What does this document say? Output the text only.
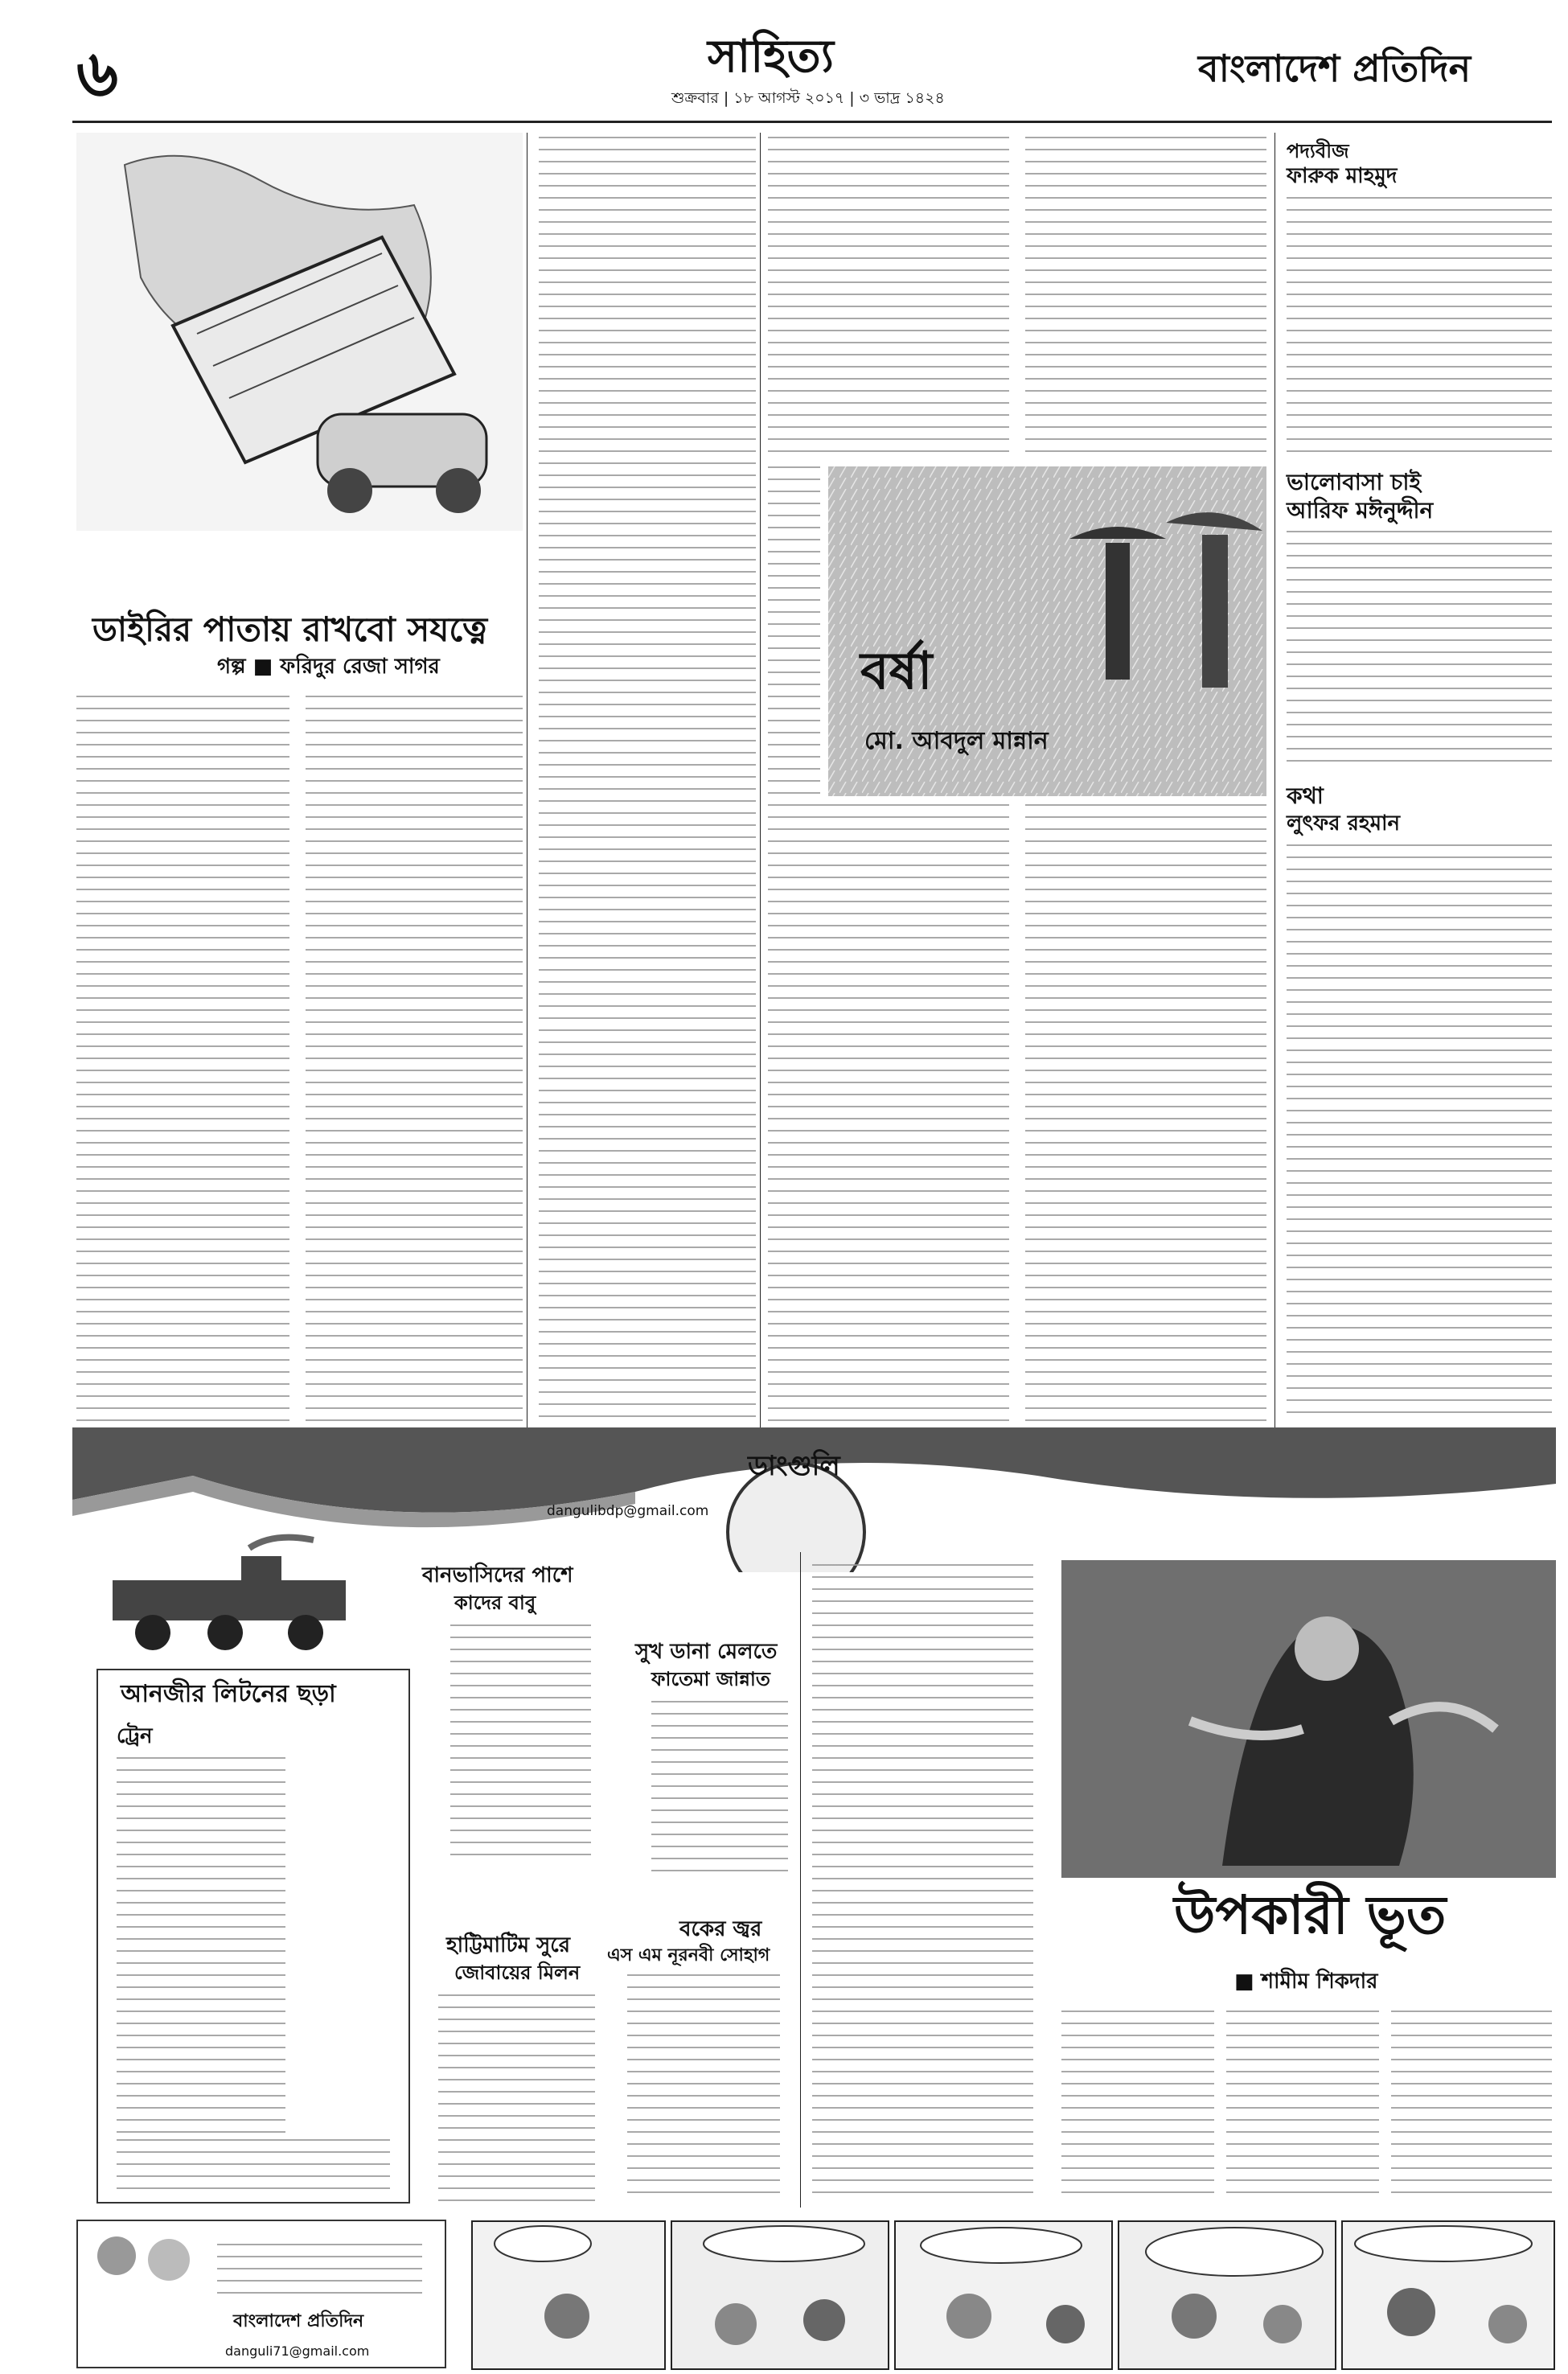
৬	সাহিত্য
শুক্রবার | ১৮ আগস্ট ২০১৭ | ৩ ভাদ্র ১৪২৪
বাংলাদেশ প্রতিদিন
ডাইরির পাতায় রাখবো সযত্নে
গল্প ■ ফরিদুর রেজা সাগর	বর্ষা
মো. আবদুল মান্নান
পদ্যবীজ
ফারুক মাহমুদ
ভালোবাসা চাই
আরিফ মঈনুদ্দীন
কথা
লুৎফর রহমান
ডাংগুলি
dangulibdp@gmail.com
আনজীর লিটনের ছড়া
ট্রেন
বানভাসিদের পাশে
কাদের বাবু
সুখ ডানা মেলতে
ফাতেমা জান্নাত
বকের জ্বর
এস এম নূরনবী সোহাগ
হাট্টিমাটিম সুরে
জোবায়ের মিলন
উপকারী ভূত
■ শামীম শিকদার
বাংলাদেশ প্রতিদিন
danguli71@gmail.com
